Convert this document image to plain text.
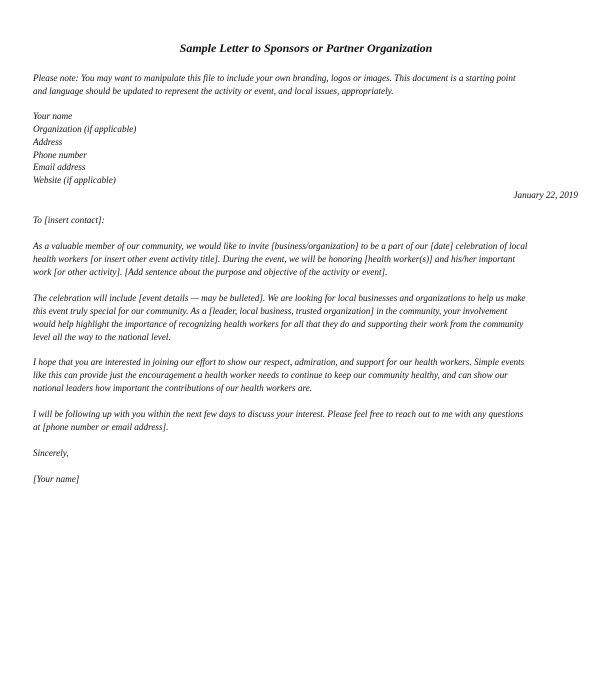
Sample Letter to Sponsors or Partner Organization
Please note: You may want to manipulate this file to include your own branding, logos or images. This document is a starting point
and language should be updated to represent the activity or event, and local issues, appropriately.
Your name
Organization (if applicable)
Address
Phone number
Email address
Website (if applicable)
January 22, 2019
To [insert contact]:
As a valuable member of our community, we would like to invite [business/organization] to be a part of our [date] celebration of local
health workers [or insert other event activity title]. During the event, we will be honoring [health worker(s)] and his/her important
work [or other activity]. [Add sentence about the purpose and objective of the activity or event].
The celebration will include [event details — may be bulleted]. We are looking for local businesses and organizations to help us make
this event truly special for our community. As a [leader, local business, trusted organization] in the community, your involvement
would help highlight the importance of recognizing health workers for all that they do and supporting their work from the community
level all the way to the national level.
I hope that you are interested in joining our effort to show our respect, admiration, and support for our health workers. Simple events
like this can provide just the encouragement a health worker needs to continue to keep our community healthy, and can show our
national leaders how important the contributions of our health workers are.
I will be following up with you within the next few days to discuss your interest. Please feel free to reach out to me with any questions
at [phone number or email address].
Sincerely,
[Your name]
